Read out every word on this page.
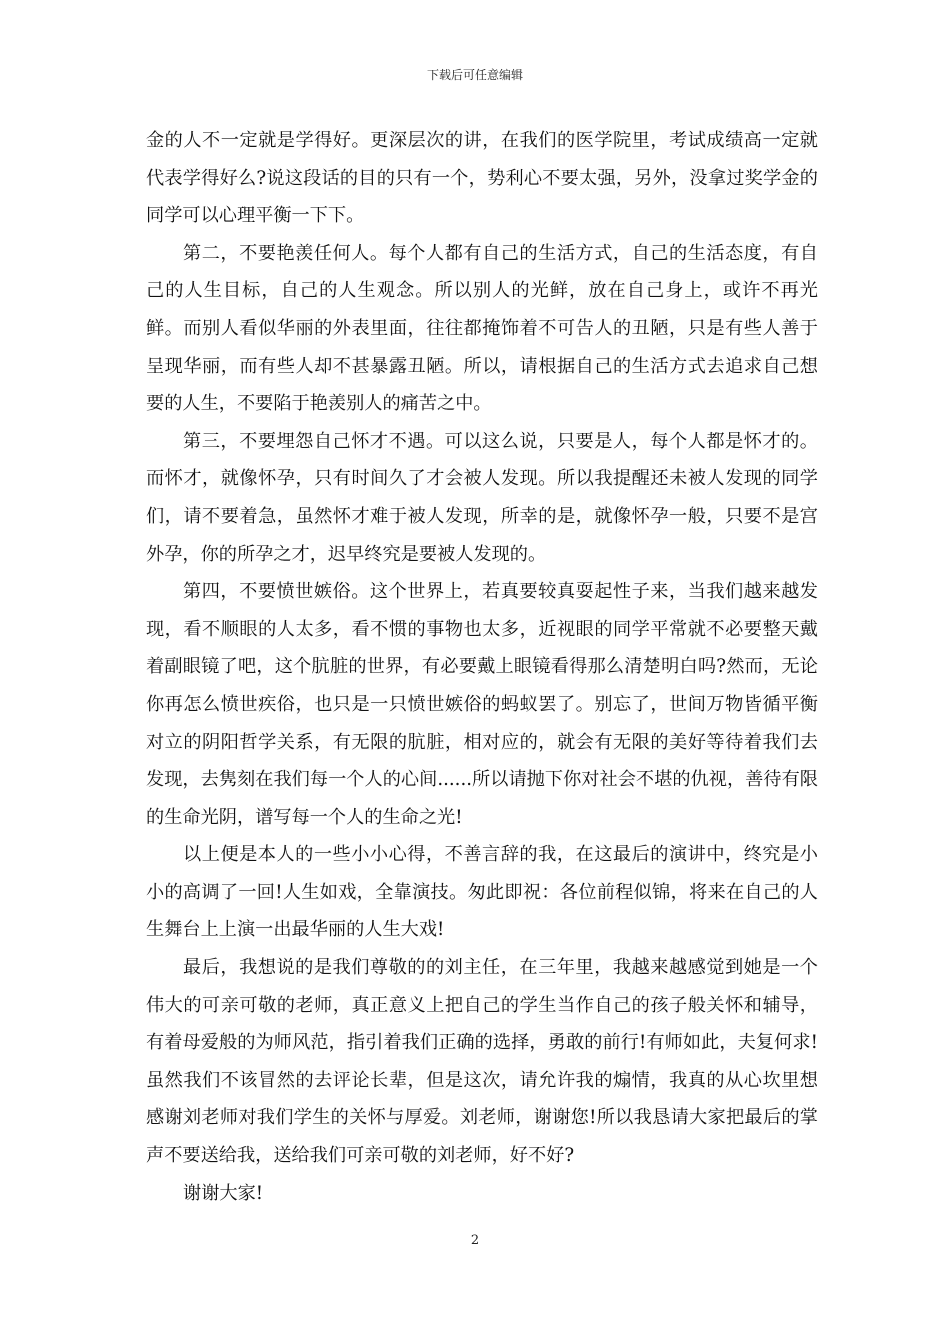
下载后可任意编辑

金的人不一定就是学得好。更深层次的讲，在我们的医学院里，考试成绩高一定就代表学得好么?说这段话的目的只有一个，势利心不要太强，另外，没拿过奖学金的同学可以心理平衡一下下。

第二，不要艳羡任何人。每个人都有自己的生活方式，自己的生活态度，有自己的人生目标，自己的人生观念。所以别人的光鲜，放在自己身上，或许不再光鲜。而别人看似华丽的外表里面，往往都掩饰着不可告人的丑陋，只是有些人善于呈现华丽，而有些人却不甚暴露丑陋。所以，请根据自己的生活方式去追求自己想要的人生，不要陷于艳羡别人的痛苦之中。

第三，不要埋怨自己怀才不遇。可以这么说，只要是人，每个人都是怀才的。而怀才，就像怀孕，只有时间久了才会被人发现。所以我提醒还未被人发现的同学们，请不要着急，虽然怀才难于被人发现，所幸的是，就像怀孕一般，只要不是宫外孕，你的所孕之才，迟早终究是要被人发现的。

第四，不要愤世嫉俗。这个世界上，若真要较真耍起性子来，当我们越来越发现，看不顺眼的人太多，看不惯的事物也太多，近视眼的同学平常就不必要整天戴着副眼镜了吧，这个肮脏的世界，有必要戴上眼镜看得那么清楚明白吗?然而，无论你再怎么愤世疾俗，也只是一只愤世嫉俗的蚂蚁罢了。别忘了，世间万物皆循平衡对立的阴阳哲学关系，有无限的肮脏，相对应的，就会有无限的美好等待着我们去发现，去隽刻在我们每一个人的心间......所以请抛下你对社会不堪的仇视，善待有限的生命光阴，谱写每一个人的生命之光!

以上便是本人的一些小小心得，不善言辞的我，在这最后的演讲中，终究是小小的高调了一回!人生如戏，全靠演技。匆此即祝：各位前程似锦，将来在自己的人生舞台上上演一出最华丽的人生大戏!

最后，我想说的是我们尊敬的的刘主任，在三年里，我越来越感觉到她是一个伟大的可亲可敬的老师，真正意义上把自己的学生当作自己的孩子般关怀和辅导，有着母爱般的为师风范，指引着我们正确的选择，勇敢的前行!有师如此，夫复何求!虽然我们不该冒然的去评论长辈，但是这次，请允许我的煽情，我真的从心坎里想感谢刘老师对我们学生的关怀与厚爱。刘老师，谢谢您!所以我恳请大家把最后的掌声不要送给我，送给我们可亲可敬的刘老师，好不好?

谢谢大家!

2
